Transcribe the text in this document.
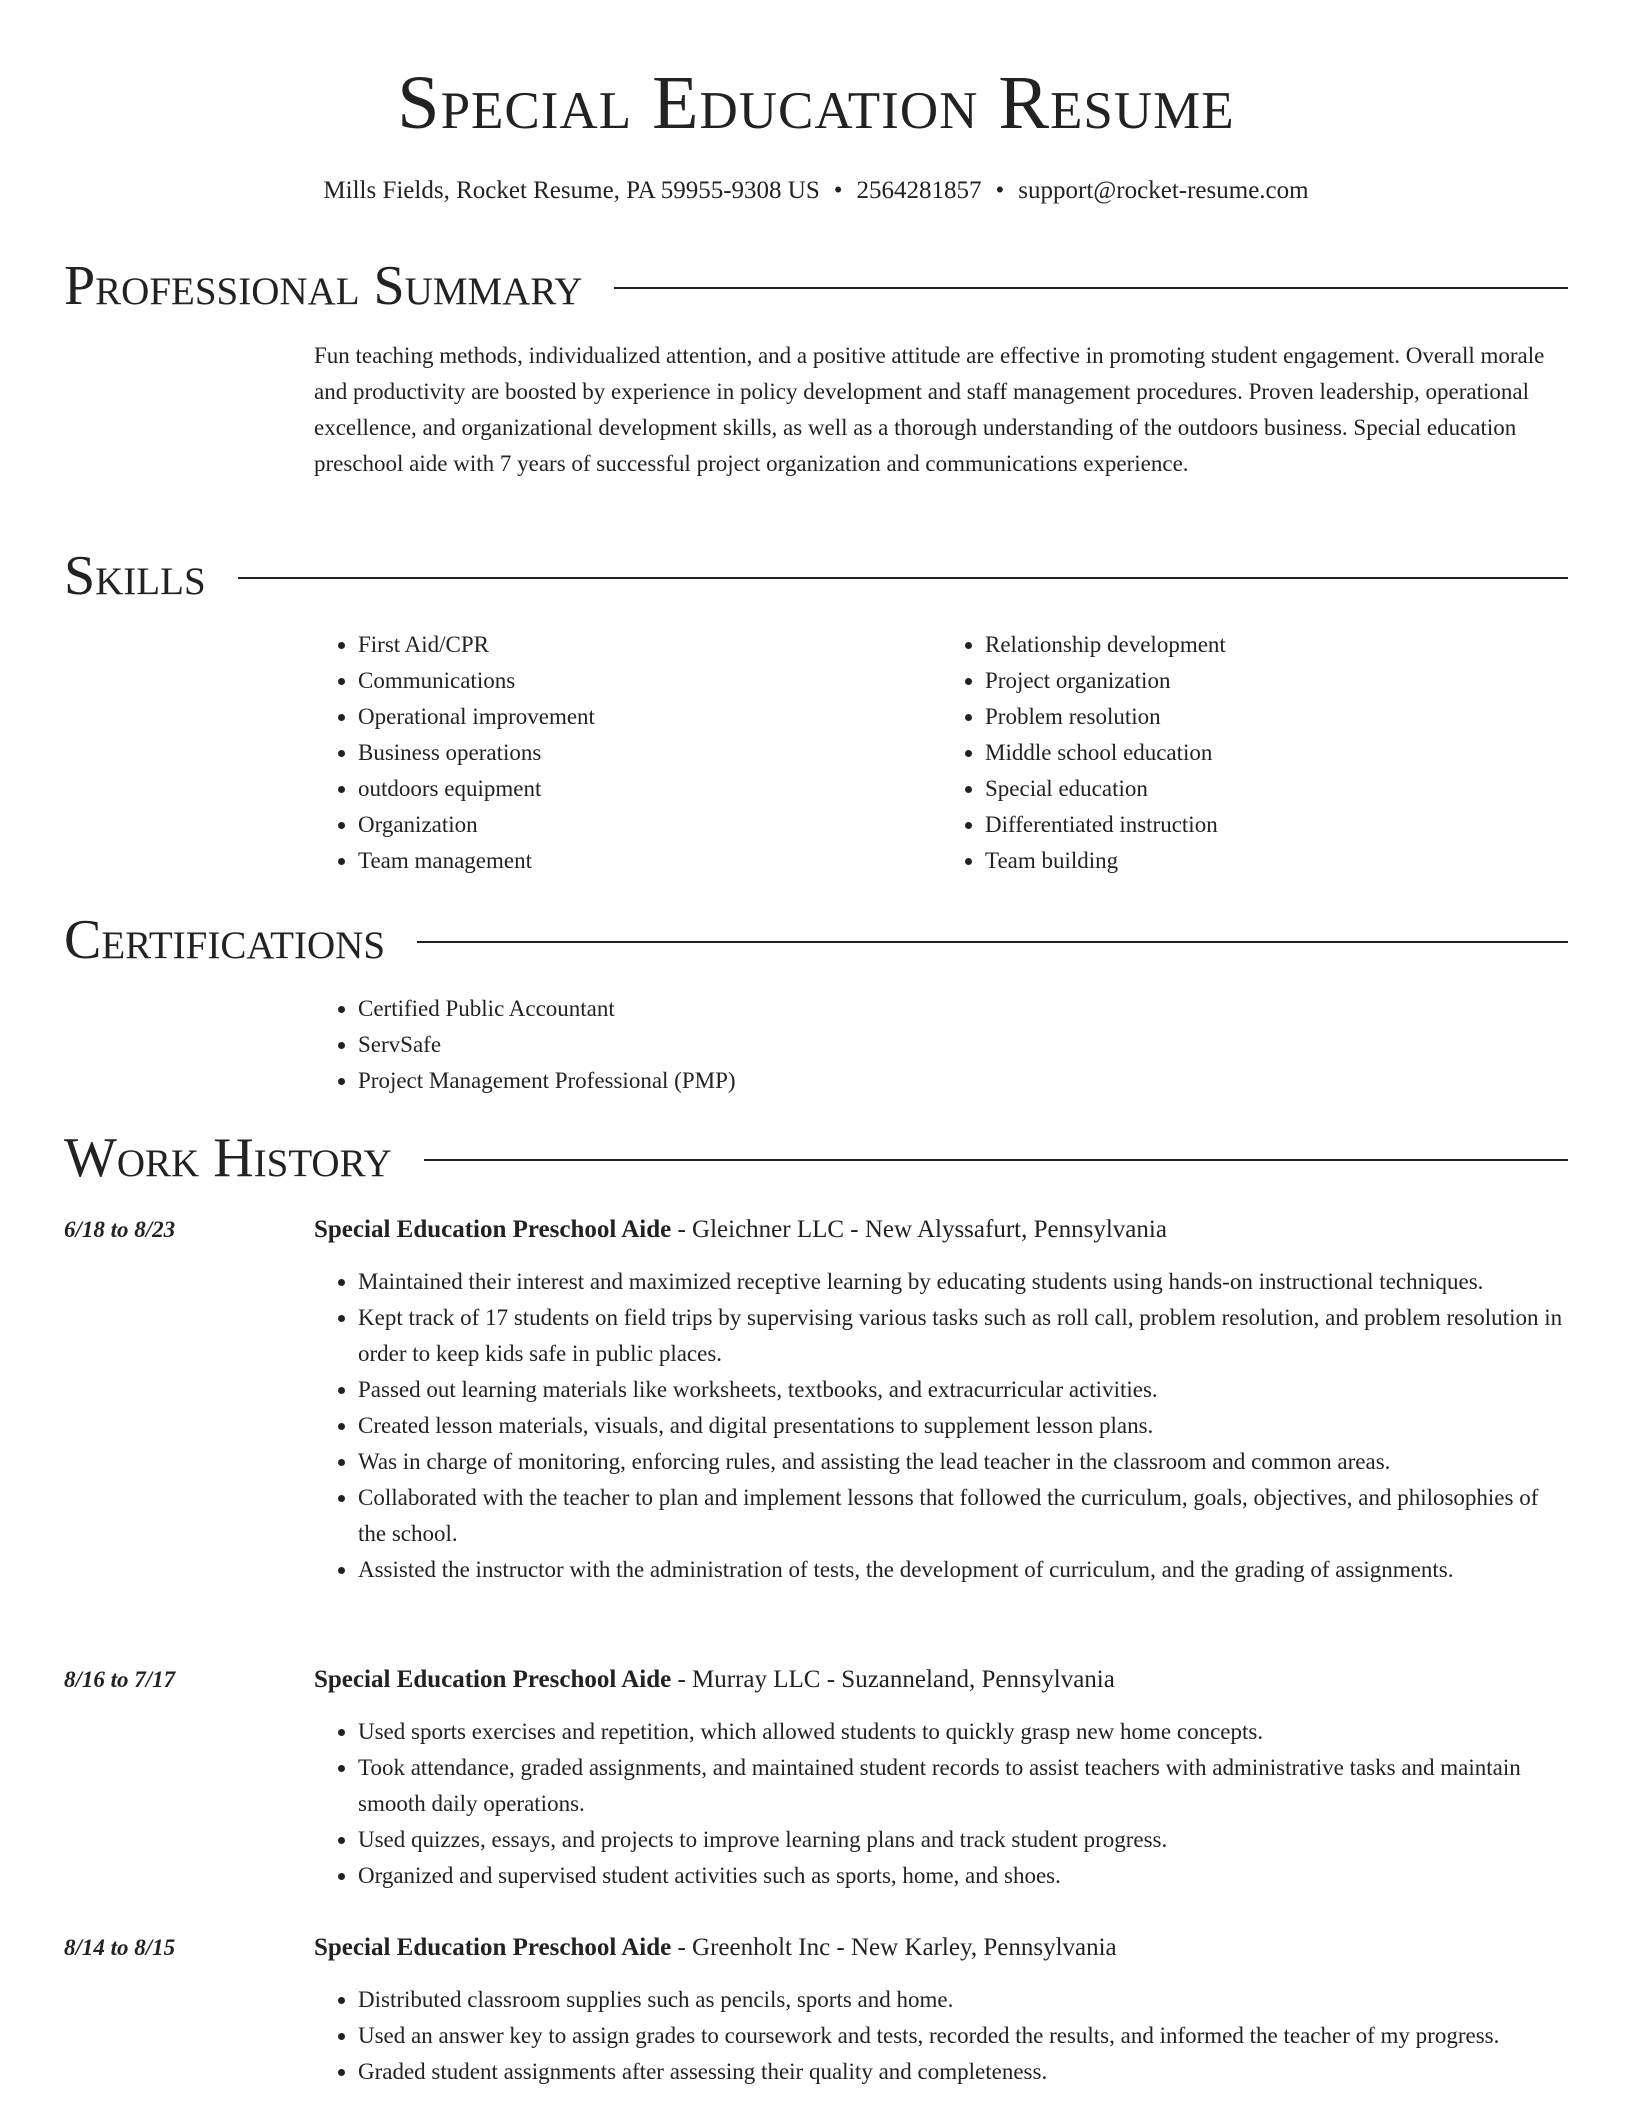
Special Education Resume
Mills Fields, Rocket Resume, PA 59955-9308 US • 2564281857 • support@rocket-resume.com
Professional Summary

Fun teaching methods, individualized attention, and a positive attitude are effective in promoting student engagement. Overall morale and productivity are boosted by experience in policy development and staff management procedures. Proven leadership, operational excellence, and organizational development skills, as well as a thorough understanding of the outdoors business. Special education preschool aide with 7 years of successful project organization and communications experience.

Skills
• First Aid/CPR
• Communications
• Operational improvement
• Business operations
• outdoors equipment
• Organization
• Team management
• Relationship development
• Project organization
• Problem resolution
• Middle school education
• Special education
• Differentiated instruction
• Team building
Certifications
• Certified Public Accountant
• ServSafe
• Project Management Professional (PMP)
Work History
6/18 to 8/23	Special Education Preschool Aide - Gleichner LLC - New Alyssafurt, Pennsylvania
• Maintained their interest and maximized receptive learning by educating students using hands-on instructional techniques.
• Kept track of 17 students on field trips by supervising various tasks such as roll call, problem resolution, and problem resolution in order to keep kids safe in public places.
• Passed out learning materials like worksheets, textbooks, and extracurricular activities.
• Created lesson materials, visuals, and digital presentations to supplement lesson plans.
• Was in charge of monitoring, enforcing rules, and assisting the lead teacher in the classroom and common areas.
• Collaborated with the teacher to plan and implement lessons that followed the curriculum, goals, objectives, and philosophies of the school.
• Assisted the instructor with the administration of tests, the development of curriculum, and the grading of assignments.
8/16 to 7/17	Special Education Preschool Aide - Murray LLC - Suzanneland, Pennsylvania
• Used sports exercises and repetition, which allowed students to quickly grasp new home concepts.
• Took attendance, graded assignments, and maintained student records to assist teachers with administrative tasks and maintain smooth daily operations.
• Used quizzes, essays, and projects to improve learning plans and track student progress.
• Organized and supervised student activities such as sports, home, and shoes.
8/14 to 8/15	Special Education Preschool Aide - Greenholt Inc - New Karley, Pennsylvania
• Distributed classroom supplies such as pencils, sports and home.
• Used an answer key to assign grades to coursework and tests, recorded the results, and informed the teacher of my progress.
• Graded student assignments after assessing their quality and completeness.
